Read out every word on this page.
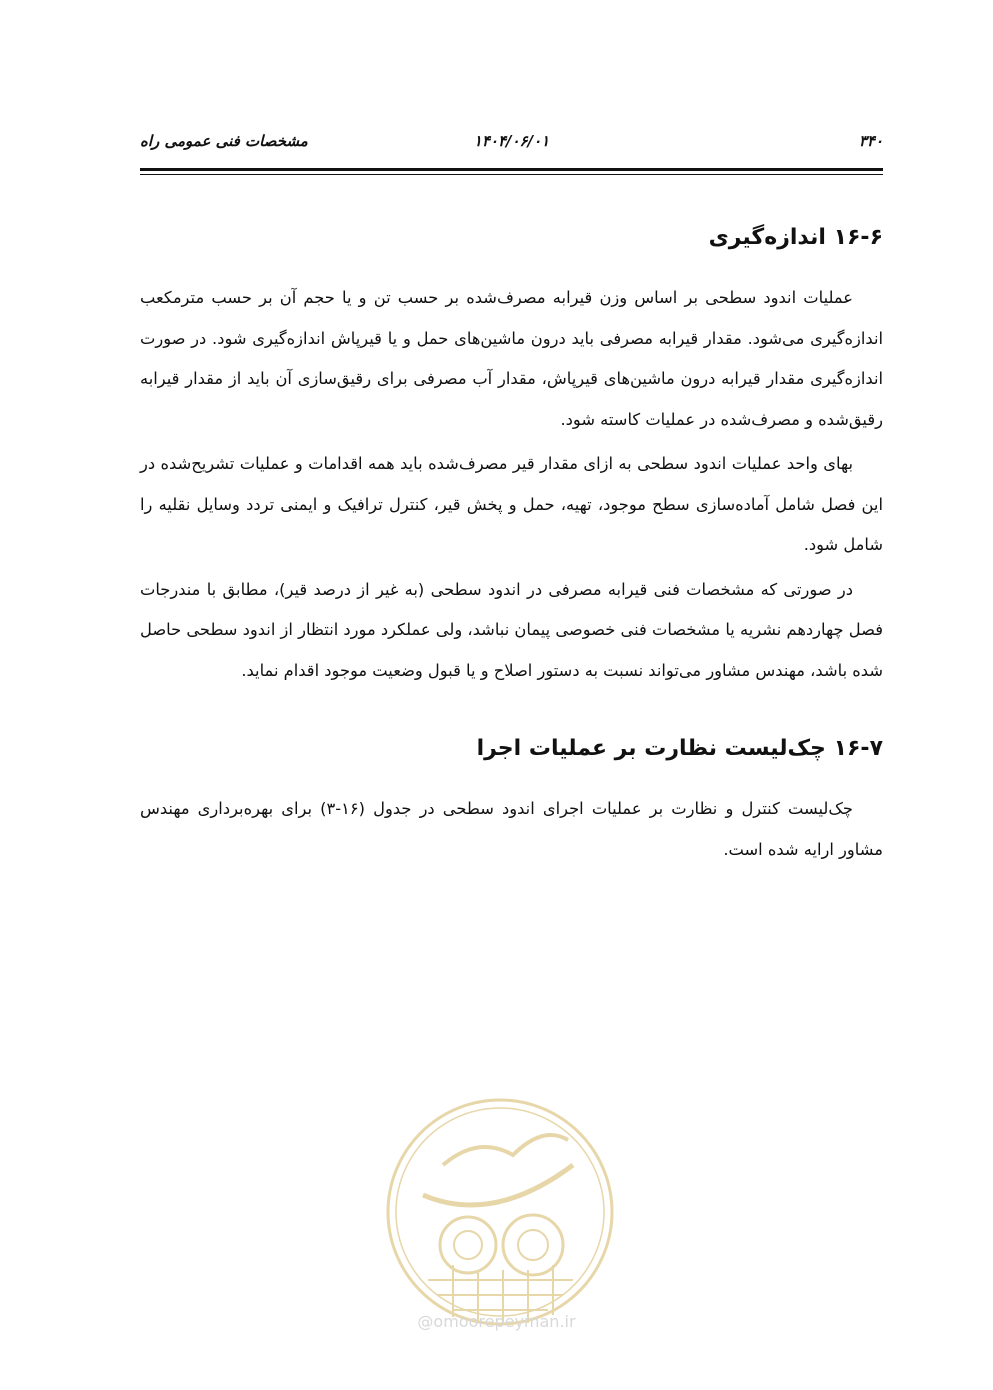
۳۴۰
۱۴۰۴/۰۶/۰۱
مشخصات فنی عمومی راه
۱۶-۶ اندازه‌گیری

عملیات اندود سطحی بر اساس وزن قیرابه مصرف‌شده بر حسب تن و یا حجم آن بر حسب مترمکعب اندازه‌گیری می‌شود. مقدار قیرابه مصرفی باید درون ماشین‌های حمل و یا قیرپاش اندازه‌گیری شود. در صورت اندازه‌گیری مقدار قیرابه درون ماشین‌های قیرپاش، مقدار آب مصرفی برای رقیق‌سازی آن باید از مقدار قیرابه رقیق‌شده و مصرف‌شده در عملیات کاسته شود.

بهای واحد عملیات اندود سطحی به ازای مقدار قیر مصرف‌شده باید همه اقدامات و عملیات تشریح‌شده در این فصل شامل آماده‌سازی سطح موجود، تهیه، حمل و پخش قیر، کنترل ترافیک و ایمنی تردد وسایل نقلیه را شامل شود.

در صورتی که مشخصات فنی قیرابه مصرفی در اندود سطحی (به غیر از درصد قیر)، مطابق با مندرجات فصل چهاردهم نشریه یا مشخصات فنی خصوصی پیمان نباشد، ولی عملکرد مورد انتظار از اندود سطحی حاصل شده باشد، مهندس مشاور می‌تواند نسبت به دستور اصلاح و یا قبول وضعیت موجود اقدام نماید.

۱۶-۷ چک‌لیست نظارت بر عملیات اجرا

چک‌لیست کنترل و نظارت بر عملیات اجرای اندود سطحی در جدول (۱۶-۳) برای بهره‌برداری مهندس مشاور ارایه شده است.

@omoorepeyman.ir
